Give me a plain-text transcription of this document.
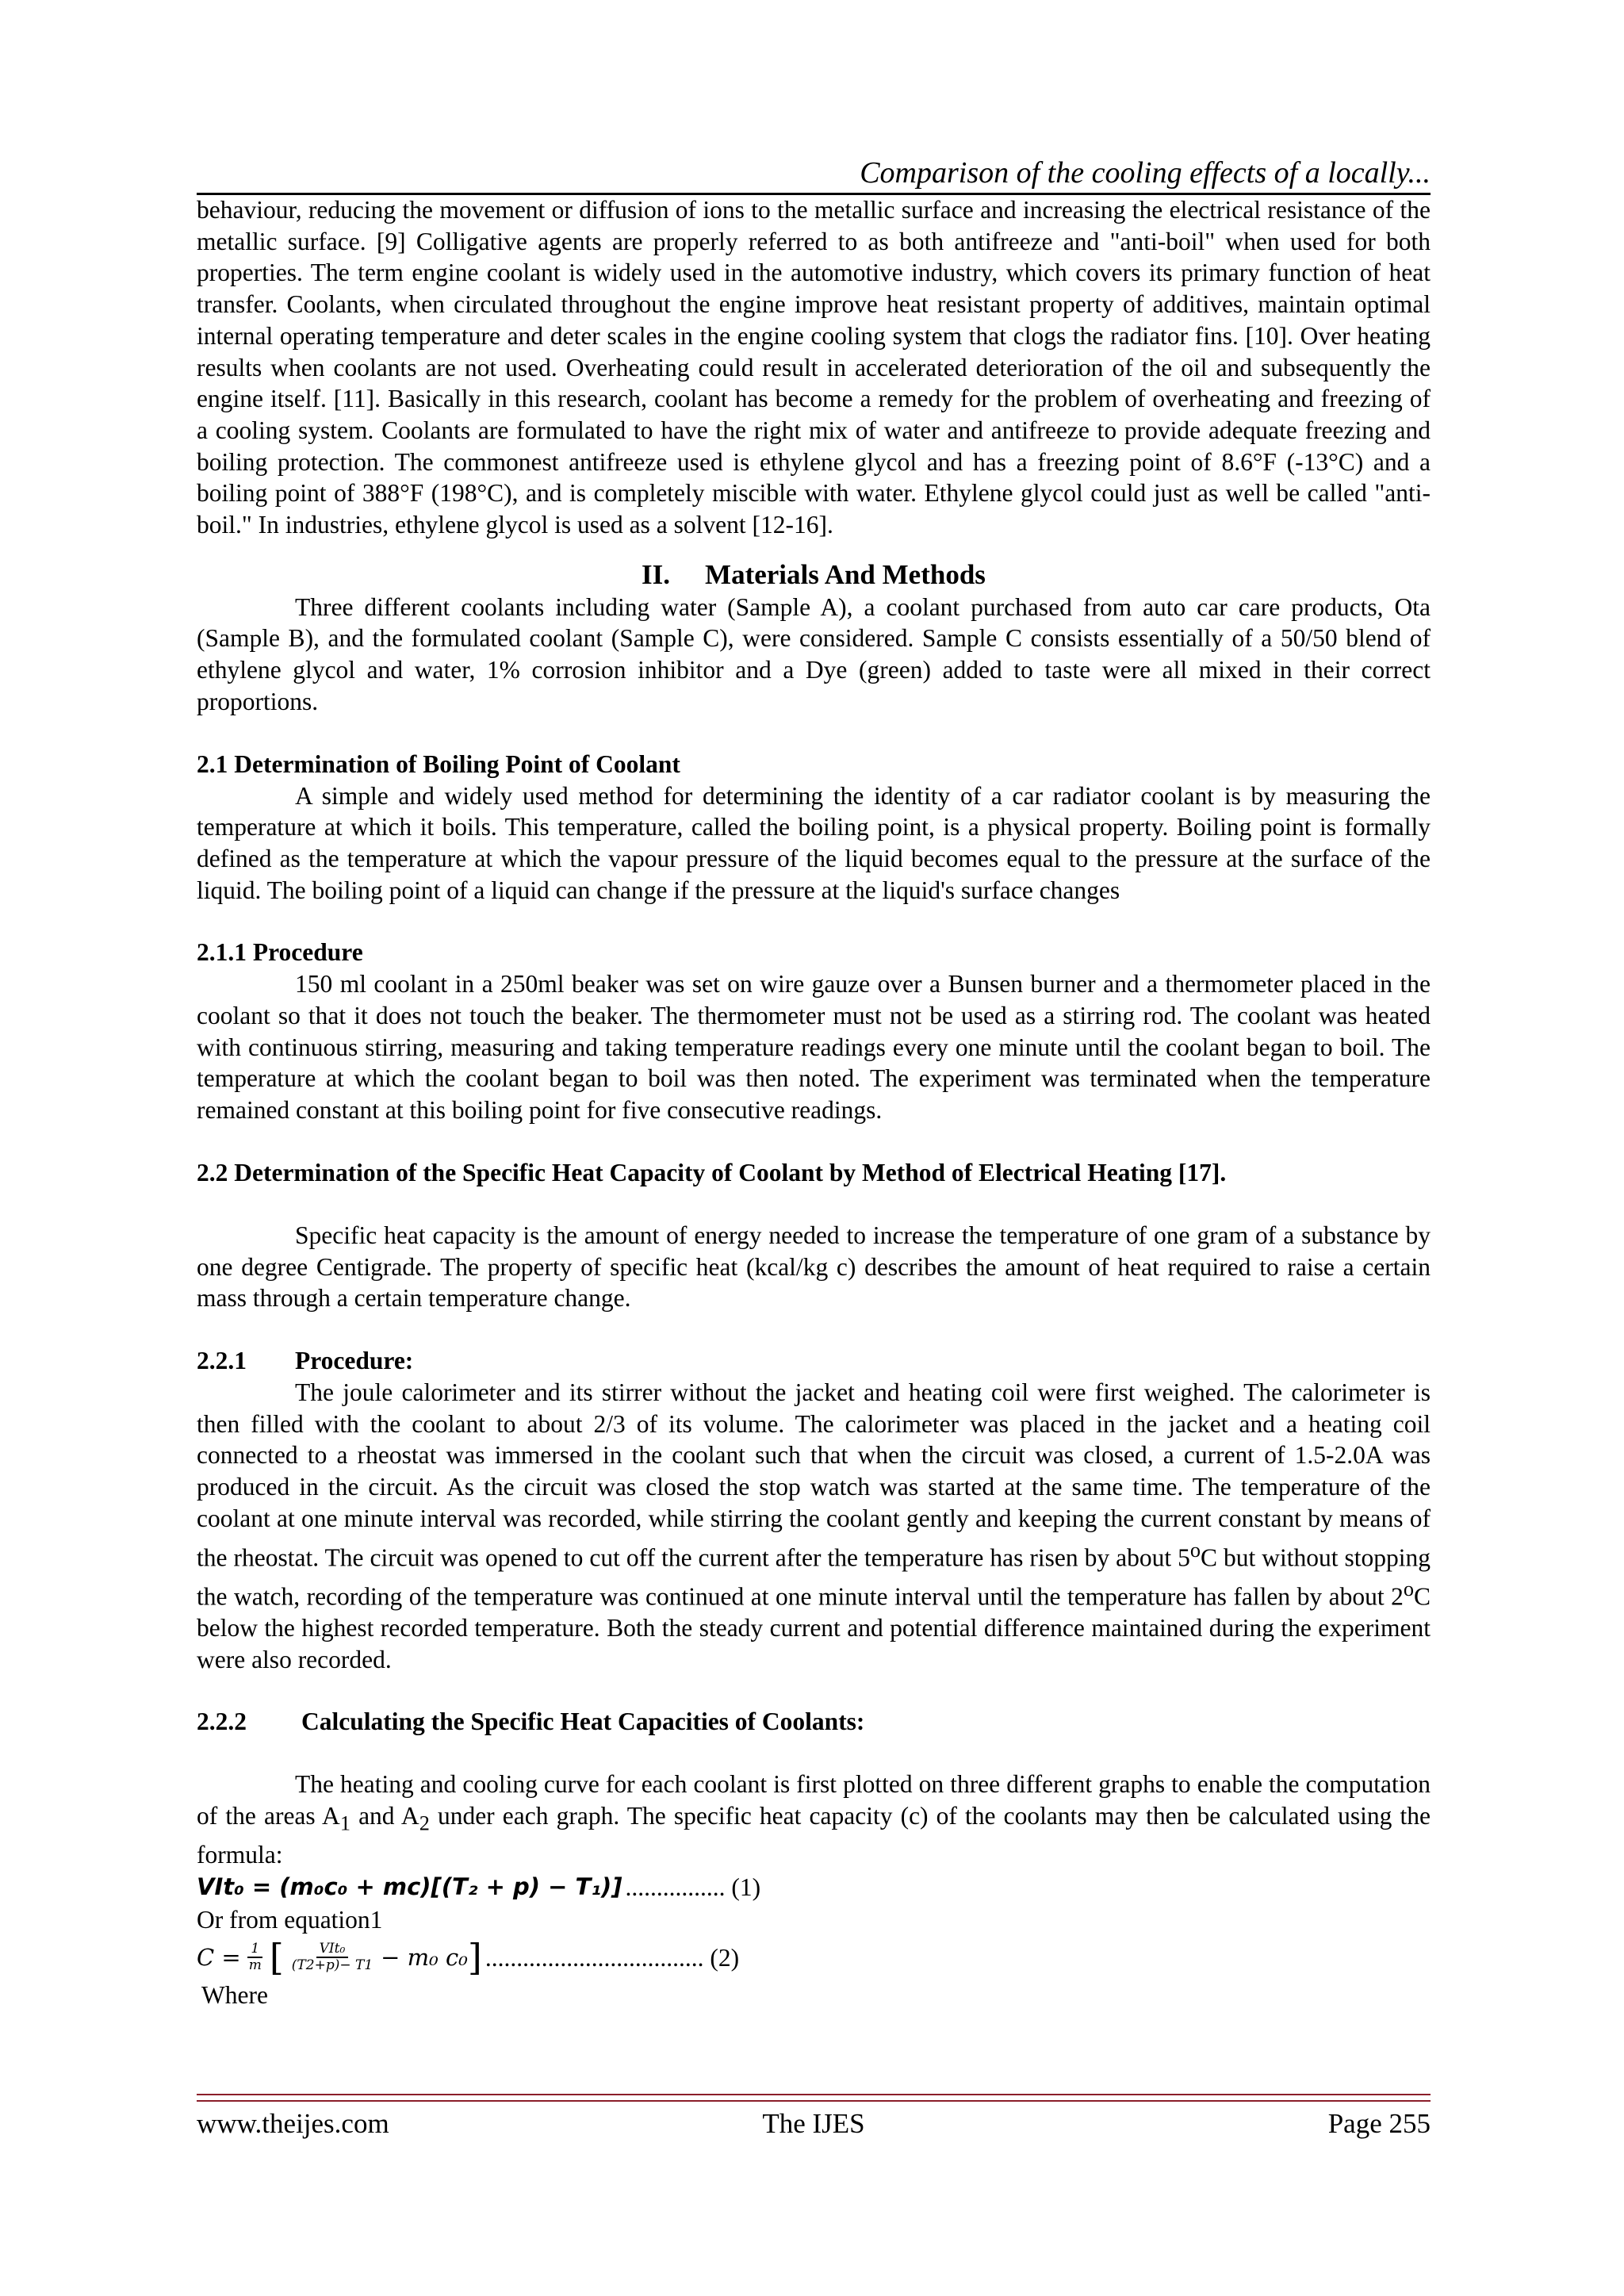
Comparison of the cooling effects of a locally...

behaviour, reducing the movement or diffusion of ions to the metallic surface and increasing the electrical resistance of the metallic surface. [9] Colligative agents are properly referred to as both antifreeze and "anti-boil" when used for both properties. The term engine coolant is widely used in the automotive industry, which covers its primary function of heat transfer. Coolants, when circulated throughout the engine improve heat resistant property of additives, maintain optimal internal operating temperature and deter scales in the engine cooling system that clogs the radiator fins. [10]. Over heating results when coolants are not used. Overheating could result in accelerated deterioration of the oil and subsequently the engine itself. [11]. Basically in this research, coolant has become a remedy for the problem of overheating and freezing of a cooling system. Coolants are formulated to have the right mix of water and antifreeze to provide adequate freezing and boiling protection. The commonest antifreeze used is ethylene glycol and has a freezing point of 8.6°F (-13°C) and a boiling point of 388°F (198°C), and is completely miscible with water. Ethylene glycol could just as well be called "anti-boil." In industries, ethylene glycol is used as a solvent [12-16].

II. Materials And Methods

Three different coolants including water (Sample A), a coolant purchased from auto car care products, Ota (Sample B), and the formulated coolant (Sample C), were considered. Sample C consists essentially of a 50/50 blend of ethylene glycol and water, 1% corrosion inhibitor and a Dye (green) added to taste were all mixed in their correct proportions.

2.1 Determination of Boiling Point of Coolant

A simple and widely used method for determining the identity of a car radiator coolant is by measuring the temperature at which it boils. This temperature, called the boiling point, is a physical property. Boiling point is formally defined as the temperature at which the vapour pressure of the liquid becomes equal to the pressure at the surface of the liquid. The boiling point of a liquid can change if the pressure at the liquid's surface changes

2.1.1 Procedure

150 ml coolant in a 250ml beaker was set on wire gauze over a Bunsen burner and a thermometer placed in the coolant so that it does not touch the beaker. The thermometer must not be used as a stirring rod. The coolant was heated with continuous stirring, measuring and taking temperature readings every one minute until the coolant began to boil. The temperature at which the coolant began to boil was then noted. The experiment was terminated when the temperature remained constant at this boiling point for five consecutive readings.

2.2 Determination of the Specific Heat Capacity of Coolant by Method of Electrical Heating [17].

Specific heat capacity is the amount of energy needed to increase the temperature of one gram of a substance by one degree Centigrade. The property of specific heat (kcal/kg c) describes the amount of heat required to raise a certain mass through a certain temperature change.

2.2.1 Procedure:

The joule calorimeter and its stirrer without the jacket and heating coil were first weighed. The calorimeter is then filled with the coolant to about 2/3 of its volume. The calorimeter was placed in the jacket and a heating coil connected to a rheostat was immersed in the coolant such that when the circuit was closed, a current of 1.5-2.0A was produced in the circuit. As the circuit was closed the stop watch was started at the same time. The temperature of the coolant at one minute interval was recorded, while stirring the coolant gently and keeping the current constant by means of the rheostat. The circuit was opened to cut off the current after the temperature has risen by about 5$^o$C but without stopping the watch, recording of the temperature was continued at one minute interval until the temperature has fallen by about 2$^o$C below the highest recorded temperature. Both the steady current and potential difference maintained during the experiment were also recorded.

2.2.2 Calculating the Specific Heat Capacities of Coolants:

The heating and cooling curve for each coolant is first plotted on three different graphs to enable the computation of the areas $A_1$ and $A_2$ under each graph. The specific heat capacity (c) of the coolants may then be calculated using the formula:

VIt₀ = (m₀c₀ + mc)[(T₂ + p) − T₁)] ................ (1)

Or from equation1

$C = \frac{1}{m}$ [ $\frac{\text{VIt₀}}{(T2+p)- T1} - m_0$ c₀ ] ................................... (2)

Where

www.theijes.com	The IJES	Page 255
